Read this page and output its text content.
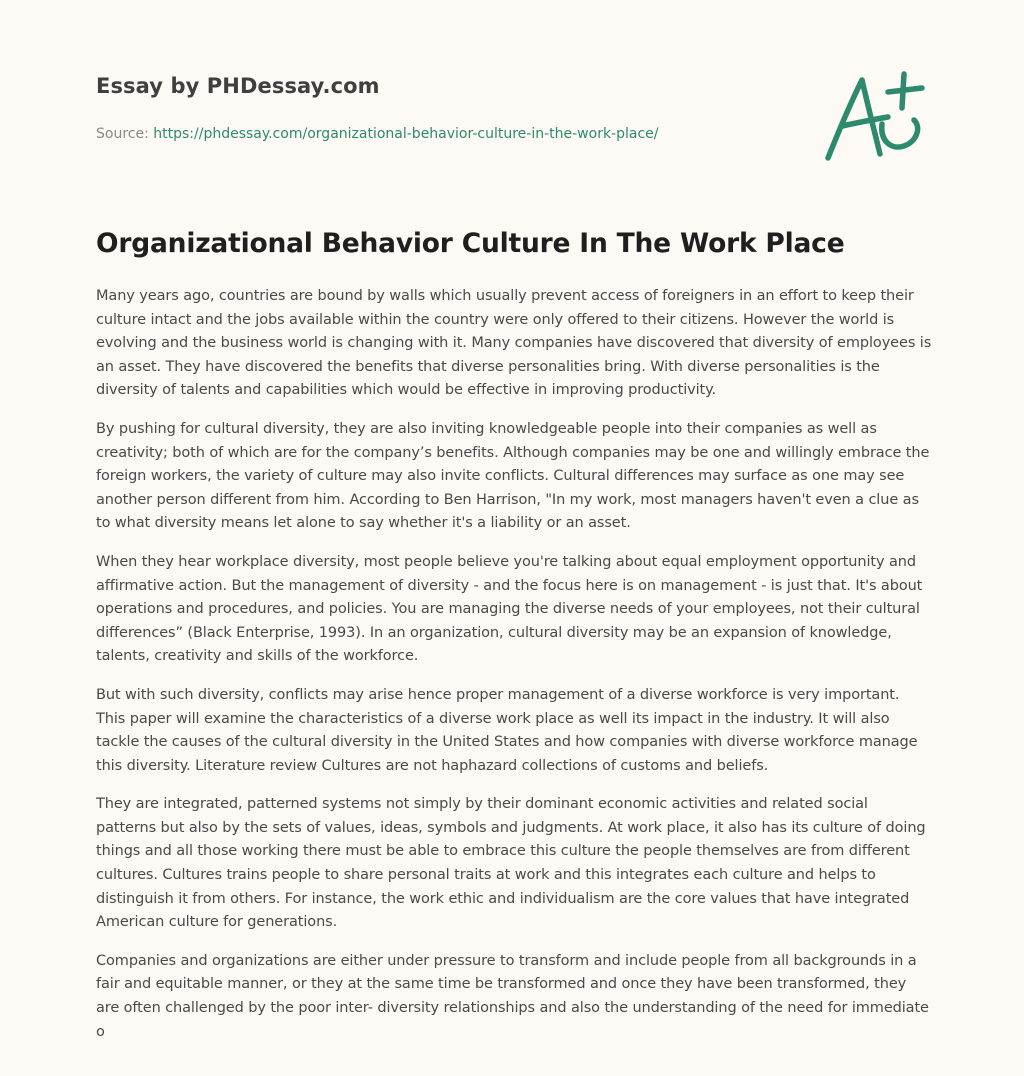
Essay by PHDessay.com
Source: https://phdessay.com/organizational-behavior-culture-in-the-work-place/
Organizational Behavior Culture In The Work Place

Many years ago, countries are bound by walls which usually prevent access of foreigners in an effort to keep their culture intact and the jobs available within the country were only offered to their citizens. However the world is evolving and the business world is changing with it. Many companies have discovered that diversity of employees is an asset. They have discovered the benefits that diverse personalities bring. With diverse personalities is the diversity of talents and capabilities which would be effective in improving productivity.

By pushing for cultural diversity, they are also inviting knowledgeable people into their companies as well as creativity; both of which are for the company’s benefits. Although companies may be one and willingly embrace the foreign workers, the variety of culture may also invite conflicts. Cultural differences may surface as one may see another person different from him. According to Ben Harrison, "In my work, most managers haven't even a clue as to what diversity means let alone to say whether it's a liability or an asset.

When they hear workplace diversity, most people believe you're talking about equal employment opportunity and affirmative action. But the management of diversity - and the focus here is on management - is just that. It's about operations and procedures, and policies. You are managing the diverse needs of your employees, not their cultural differences” (Black Enterprise, 1993). In an organization, cultural diversity may be an expansion of knowledge, talents, creativity and skills of the workforce.

But with such diversity, conflicts may arise hence proper management of a diverse workforce is very important. This paper will examine the characteristics of a diverse work place as well its impact in the industry. It will also tackle the causes of the cultural diversity in the United States and how companies with diverse workforce manage this diversity. Literature review Cultures are not haphazard collections of customs and beliefs.

They are integrated, patterned systems not simply by their dominant economic activities and related social patterns but also by the sets of values, ideas, symbols and judgments. At work place, it also has its culture of doing things and all those working there must be able to embrace this culture the people themselves are from different cultures. Cultures trains people to share personal traits at work and this integrates each culture and helps to distinguish it from others. For instance, the work ethic and individualism are the core values that have integrated American culture for generations.

Companies and organizations are either under pressure to transform and include people from all backgrounds in a fair and equitable manner, or they at the same time be transformed and once they have been transformed, they are often challenged by the poor inter- diversity relationships and also the understanding of the need for immediate o
